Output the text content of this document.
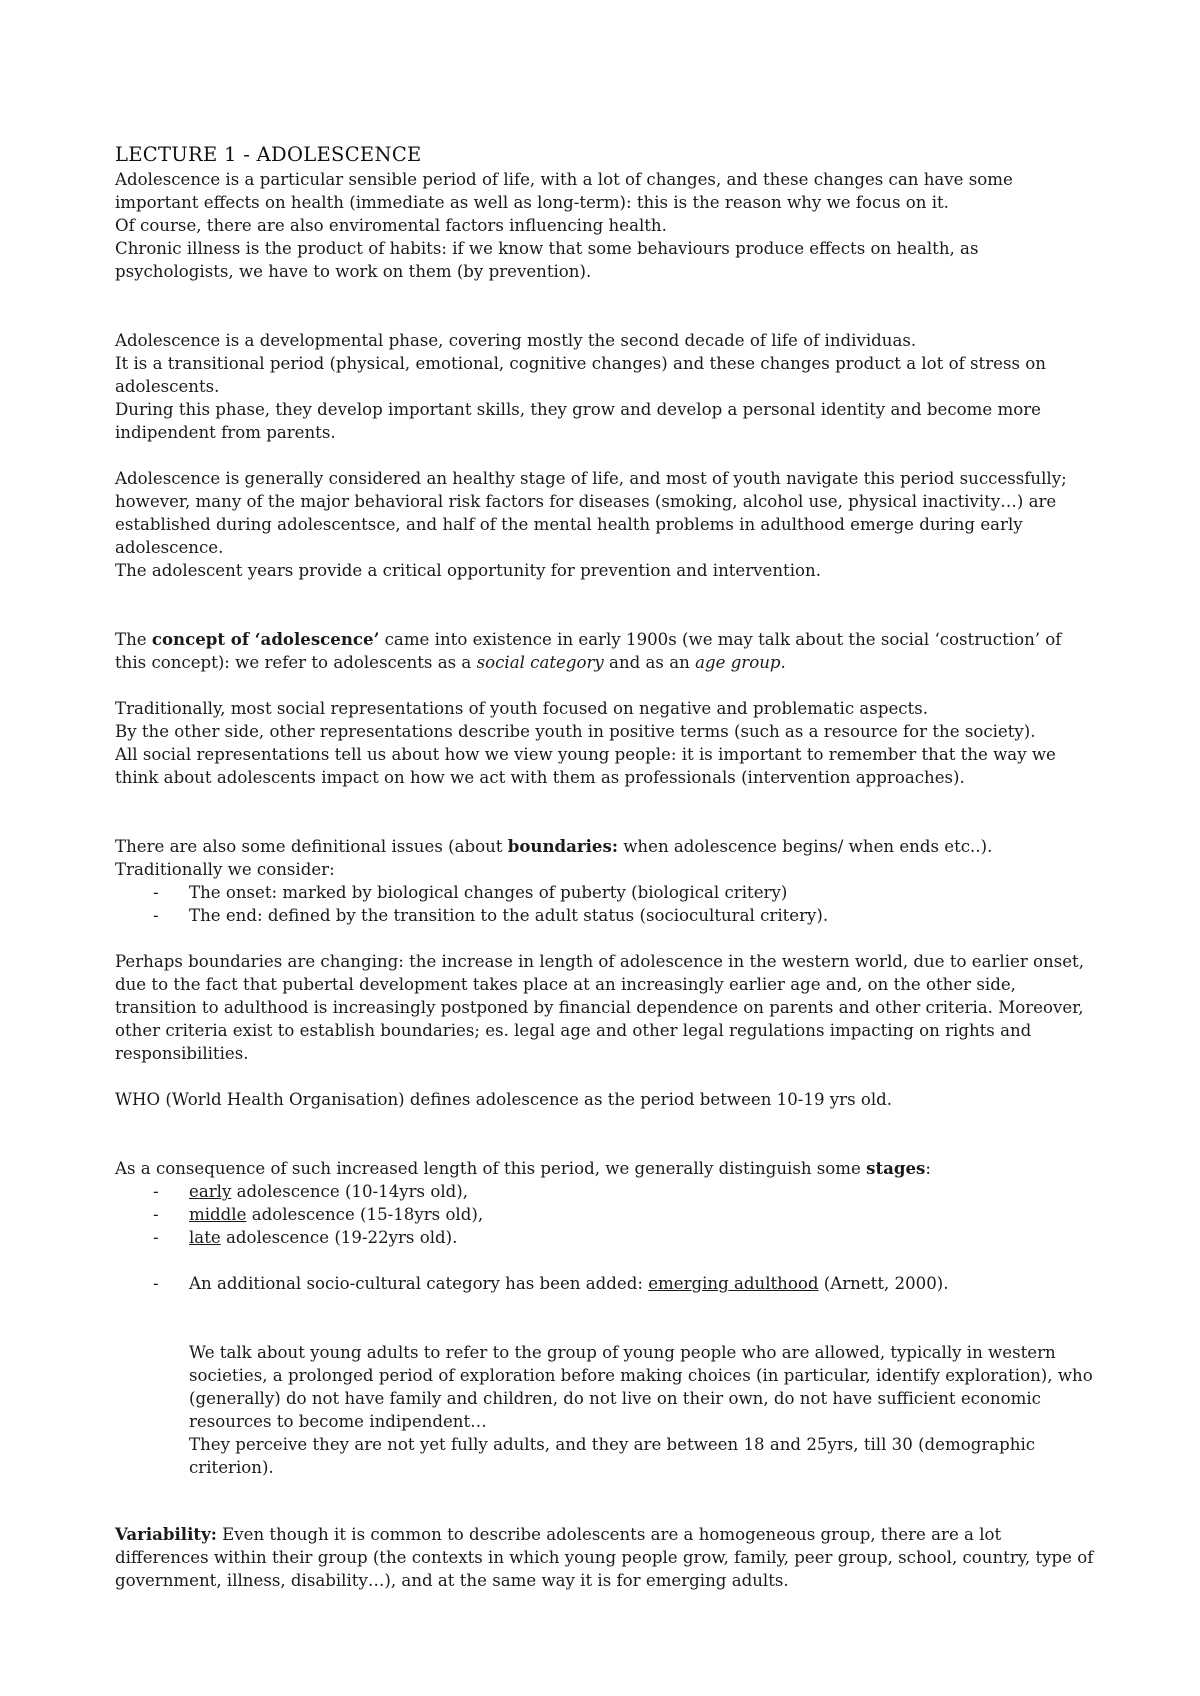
LECTURE 1 - ADOLESCENCE

Adolescence is a particular sensible period of life, with a lot of changes, and these changes can have some important effects on health (immediate as well as long-term): this is the reason why we focus on it.

Of course, there are also enviromental factors influencing health.

Chronic illness is the product of habits: if we know that some behaviours produce effects on health, as psychologists, we have to work on them (by prevention).

Adolescence is a developmental phase, covering mostly the second decade of life of individuas.

It is a transitional period (physical, emotional, cognitive changes) and these changes product a lot of stress on adolescents.

During this phase, they develop important skills, they grow and develop a personal identity and become more indipendent from parents.

Adolescence is generally considered an healthy stage of life, and most of youth navigate this period successfully; however, many of the major behavioral risk factors for diseases (smoking, alcohol use, physical inactivity…) are established during adolescentsce, and half of the mental health problems in adulthood emerge during early adolescence.

The adolescent years provide a critical opportunity for prevention and intervention.

The concept of ‘adolescence’ came into existence in early 1900s (we may talk about the social ‘costruction’ of this concept): we refer to adolescents as a social category and as an age group.

Traditionally, most social representations of youth focused on negative and problematic aspects.

By the other side, other representations describe youth in positive terms (such as a resource for the society).

All social representations tell us about how we view young people: it is important to remember that the way we think about adolescents impact on how we act with them as professionals (intervention approaches).

There are also some definitional issues (about boundaries: when adolescence begins/ when ends etc..).

Traditionally we consider:

- The onset: marked by biological changes of puberty (biological critery)
- The end: defined by the transition to the adult status (sociocultural critery).

Perhaps boundaries are changing: the increase in length of adolescence in the western world, due to earlier onset, due to the fact that pubertal development takes place at an increasingly earlier age and, on the other side, transition to adulthood is increasingly postponed by financial dependence on parents and other criteria. Moreover, other criteria exist to establish boundaries; es. legal age and other legal regulations impacting on rights and responsibilities.

WHO (World Health Organisation) defines adolescence as the period between 10-19 yrs old.

As a consequence of such increased length of this period, we generally distinguish some stages:

- early adolescence (10-14yrs old),
- middle adolescence (15-18yrs old),
- late adolescence (19-22yrs old).
- An additional socio-cultural category has been added: emerging adulthood (Arnett, 2000).

We talk about young adults to refer to the group of young people who are allowed, typically in western societies, a prolonged period of exploration before making choices (in particular, identify exploration), who (generally) do not have family and children, do not live on their own, do not have sufficient economic resources to become indipendent…

They perceive they are not yet fully adults, and they are between 18 and 25yrs, till 30 (demographic criterion).

Variability: Even though it is common to describe adolescents are a homogeneous group, there are a lot differences within their group (the contexts in which young people grow, family, peer group, school, country, type of government, illness, disability…), and at the same way it is for emerging adults.
